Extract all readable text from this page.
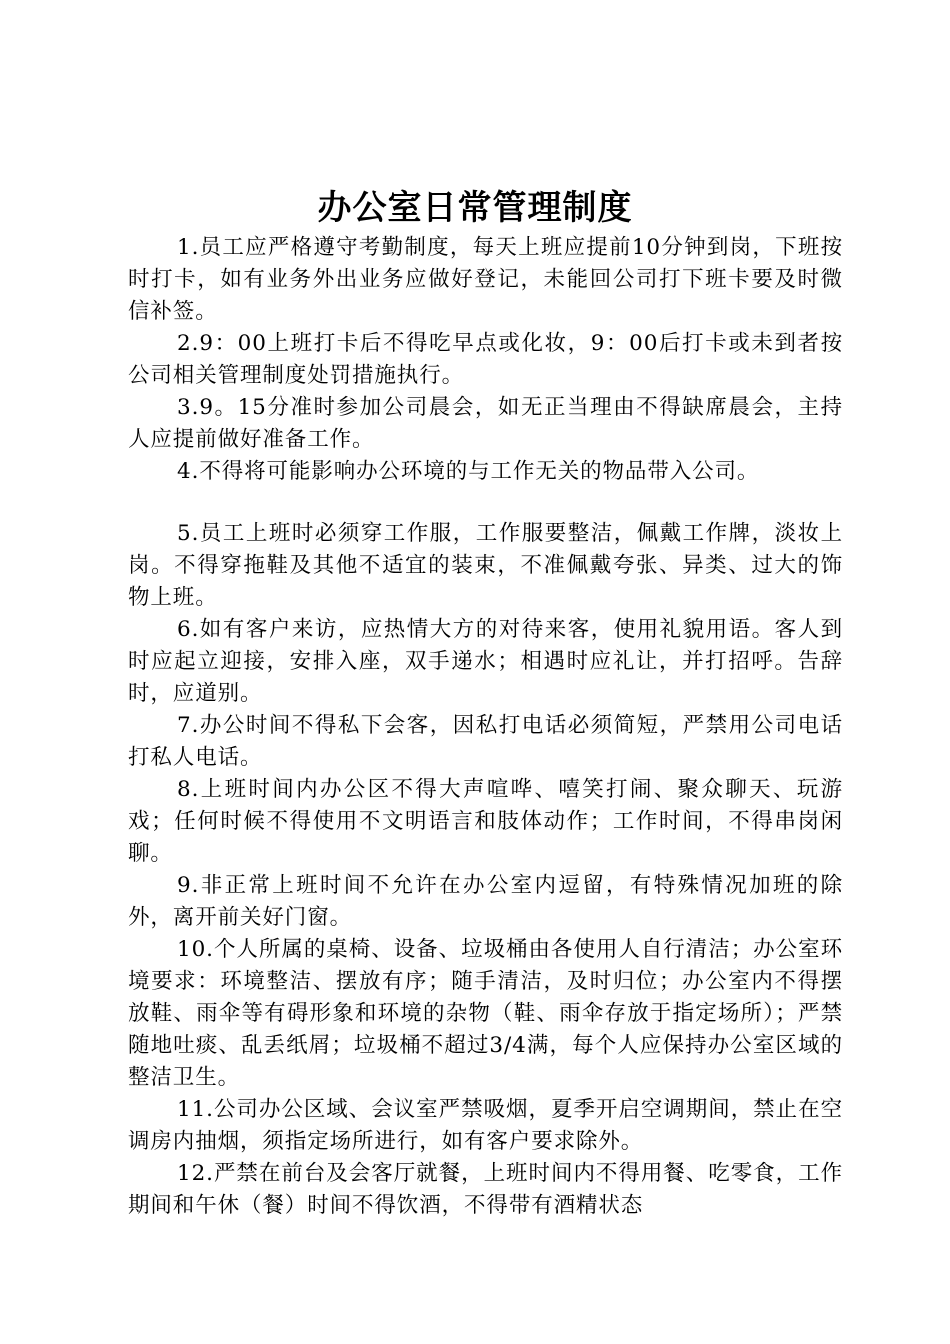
办公室日常管理制度

1.员工应严格遵守考勤制度，每天上班应提前10分钟到岗，下班按时打卡，如有业务外出业务应做好登记，未能回公司打下班卡要及时微信补签。

2.9：00上班打卡后不得吃早点或化妆，9：00后打卡或未到者按公司相关管理制度处罚措施执行。

3.9。15分准时参加公司晨会，如无正当理由不得缺席晨会，主持人应提前做好准备工作。

4.不得将可能影响办公环境的与工作无关的物品带入公司。

5.员工上班时必须穿工作服，工作服要整洁，佩戴工作牌，淡妆上岗。不得穿拖鞋及其他不适宜的装束，不准佩戴夸张、异类、过大的饰物上班。

6.如有客户来访，应热情大方的对待来客，使用礼貌用语。客人到时应起立迎接，安排入座，双手递水；相遇时应礼让，并打招呼。告辞时，应道别。

7.办公时间不得私下会客，因私打电话必须简短，严禁用公司电话打私人电话。

8.上班时间内办公区不得大声喧哗、嘻笑打闹、聚众聊天、玩游戏；任何时候不得使用不文明语言和肢体动作；工作时间，不得串岗闲聊。

9.非正常上班时间不允许在办公室内逗留，有特殊情况加班的除外，离开前关好门窗。

10.个人所属的桌椅、设备、垃圾桶由各使用人自行清洁；办公室环境要求：环境整洁、摆放有序；随手清洁，及时归位；办公室内不得摆放鞋、雨伞等有碍形象和环境的杂物（鞋、雨伞存放于指定场所）；严禁随地吐痰、乱丢纸屑；垃圾桶不超过3/4满，每个人应保持办公室区域的整洁卫生。

11.公司办公区域、会议室严禁吸烟，夏季开启空调期间，禁止在空调房内抽烟，须指定场所进行，如有客户要求除外。

12.严禁在前台及会客厅就餐，上班时间内不得用餐、吃零食，工作期间和午休（餐）时间不得饮酒，不得带有酒精状态
